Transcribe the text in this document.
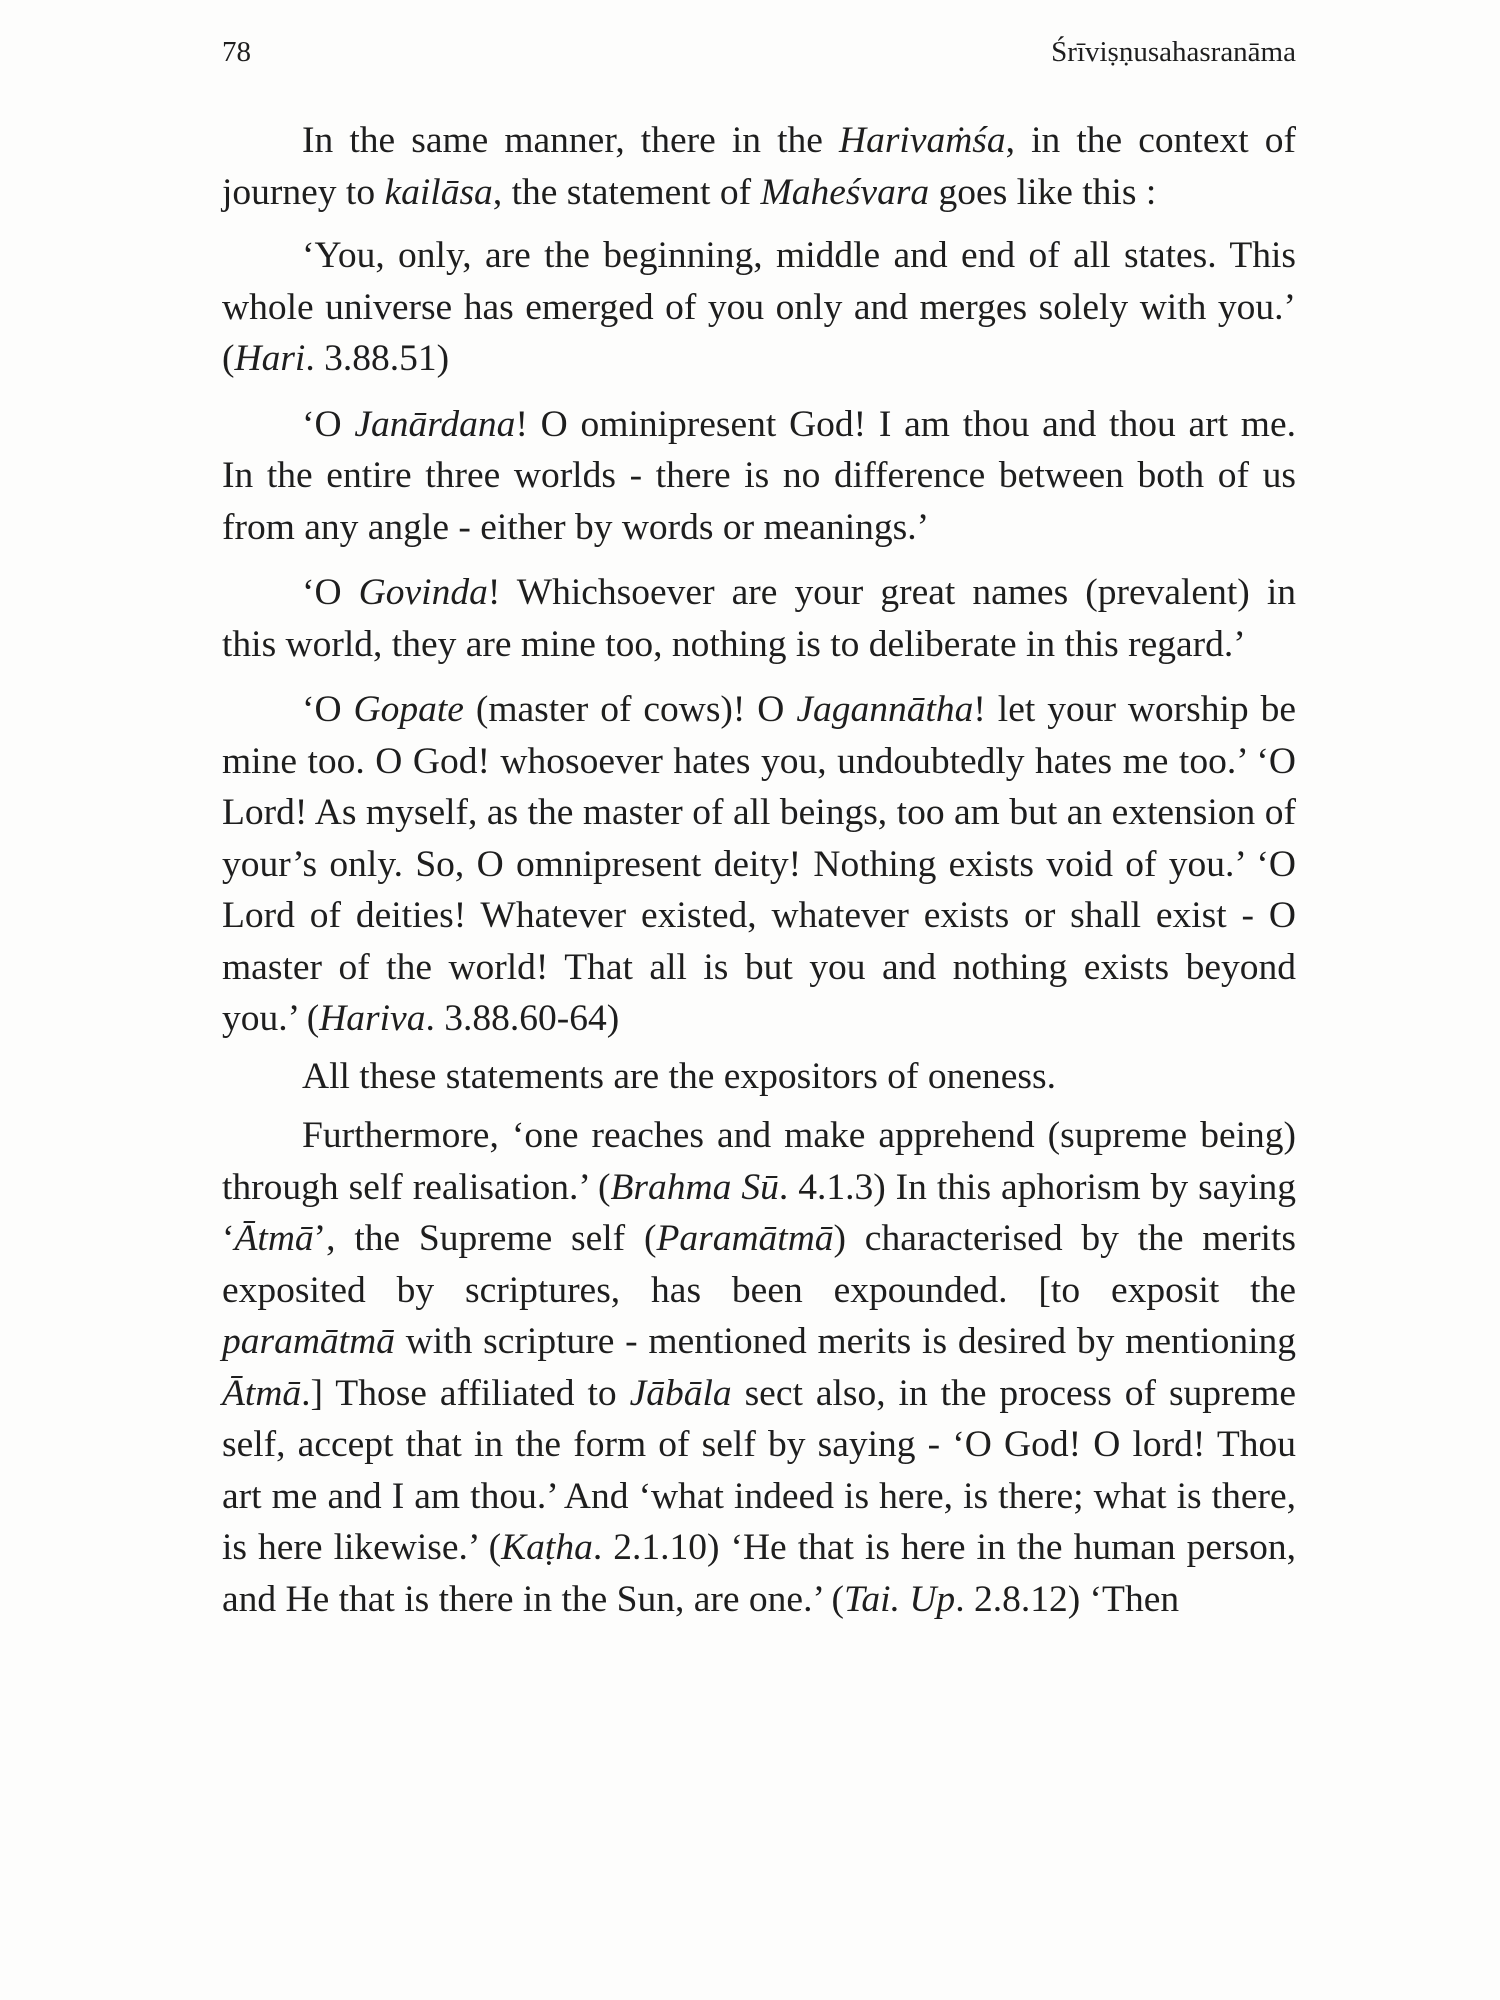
78	Śrīviṣṇusahasranāma

In the same manner, there in the Harivaṁśa, in the context of journey to kailāsa, the statement of Maheśvara goes like this :

‘You, only, are the beginning, middle and end of all states. This whole universe has emerged of you only and merges solely with you.’ (Hari. 3.88.51)

‘O Janārdana! O ominipresent God! I am thou and thou art me. In the entire three worlds - there is no difference between both of us from any angle - either by words or meanings.’

‘O Govinda! Whichsoever are your great names (prevalent) in this world, they are mine too, nothing is to deliberate in this regard.’

‘O Gopate (master of cows)! O Jagannātha! let your worship be mine too. O God! whosoever hates you, undoubtedly hates me too.’ ‘O Lord! As myself, as the master of all beings, too am but an extension of your’s only. So, O omnipresent deity! Nothing exists void of you.’ ‘O Lord of deities! Whatever existed, whatever exists or shall exist - O master of the world! That all is but you and nothing exists beyond you.’ (Hariva. 3.88.60-64)

All these statements are the expositors of oneness.

Furthermore, ‘one reaches and make apprehend (supreme being) through self realisation.’ (Brahma Sū. 4.1.3) In this aphorism by saying ‘Ātmā’, the Supreme self (Paramātmā) characterised by the merits exposited by scriptures, has been expounded. [to exposit the paramātmā with scripture - mentioned merits is desired by mentioning Ātmā.] Those affiliated to Jābāla sect also, in the process of supreme self, accept that in the form of self by saying - ‘O God! O lord! Thou art me and I am thou.’ And ‘what indeed is here, is there; what is there, is here likewise.’ (Kaṭha. 2.1.10) ‘He that is here in the human person, and He that is there in the Sun, are one.’ (Tai. Up. 2.8.12) ‘Then
